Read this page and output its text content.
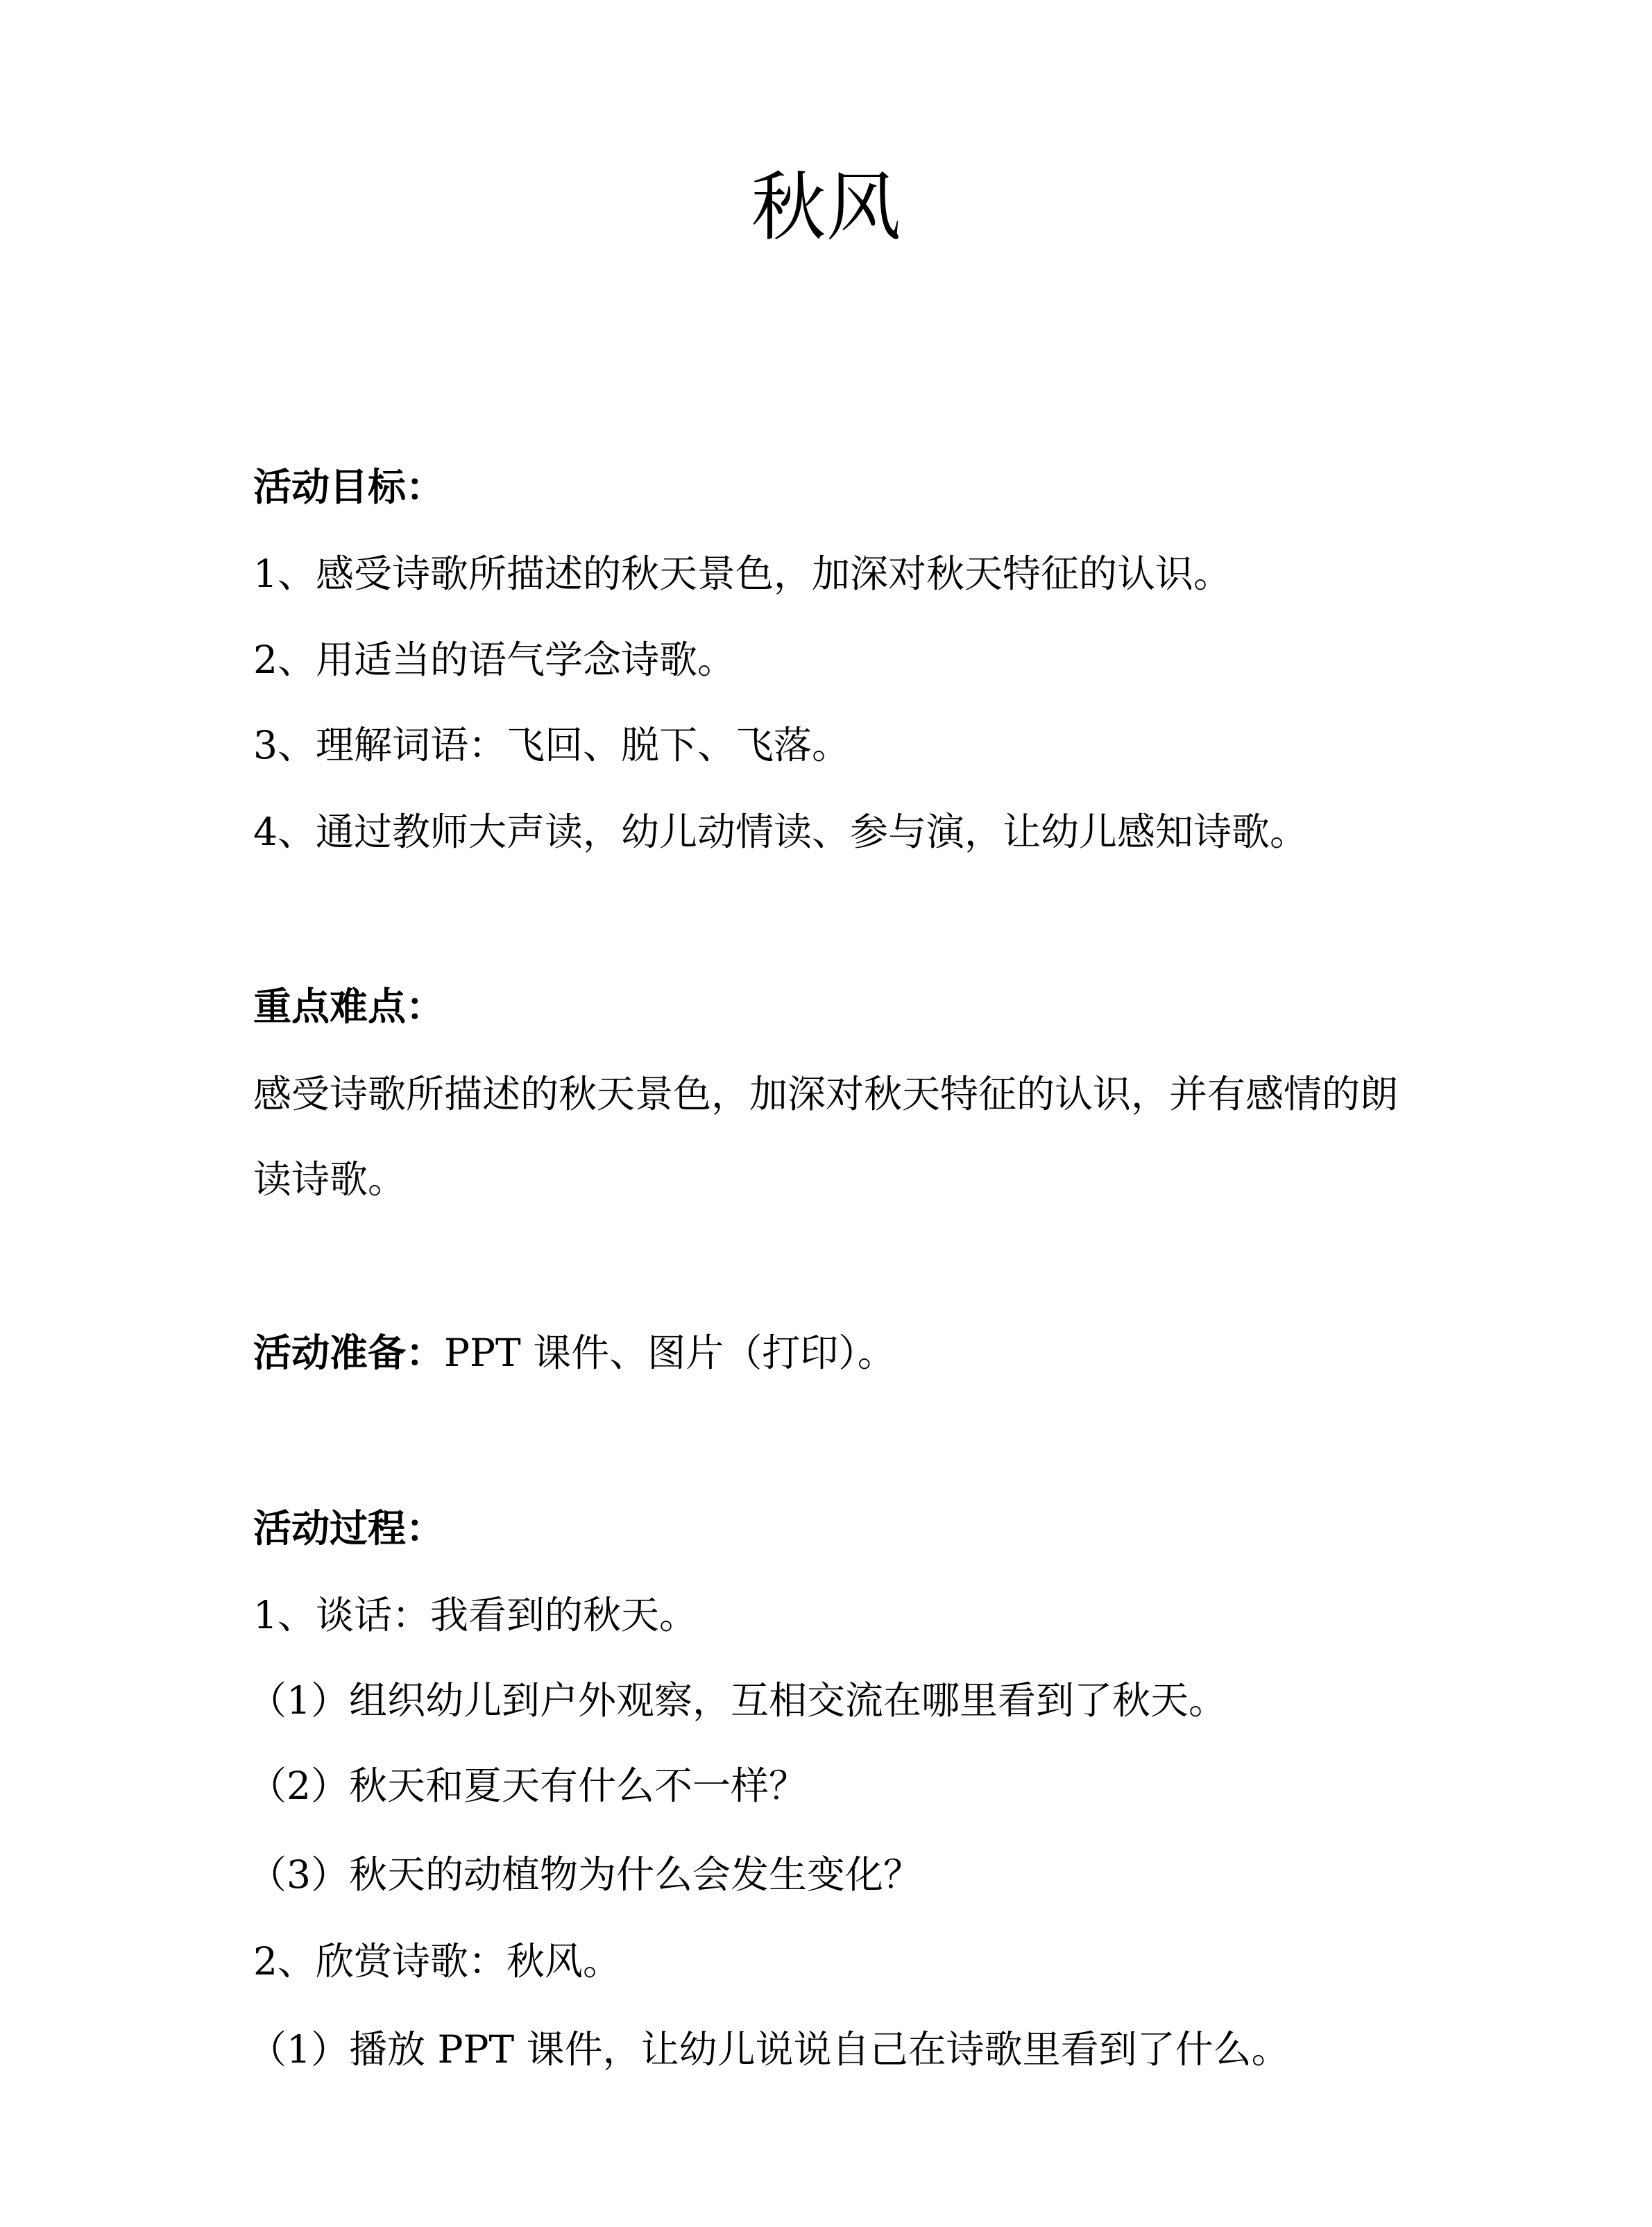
秋风
活动目标：
1、感受诗歌所描述的秋天景色，加深对秋天特征的认识。
2、用适当的语气学念诗歌。
3、理解词语：飞回、脱下、飞落。
4、通过教师大声读，幼儿动情读、参与演，让幼儿感知诗歌。
重点难点：
感受诗歌所描述的秋天景色，加深对秋天特征的认识，并有感情的朗
读诗歌。
活动准备：PPT 课件、图片（打印）。
活动过程：
1、谈话：我看到的秋天。
（1）组织幼儿到户外观察，互相交流在哪里看到了秋天。
（2）秋天和夏天有什么不一样？
（3）秋天的动植物为什么会发生变化？
2、欣赏诗歌：秋风。
（1）播放 PPT 课件，让幼儿说说自己在诗歌里看到了什么。
